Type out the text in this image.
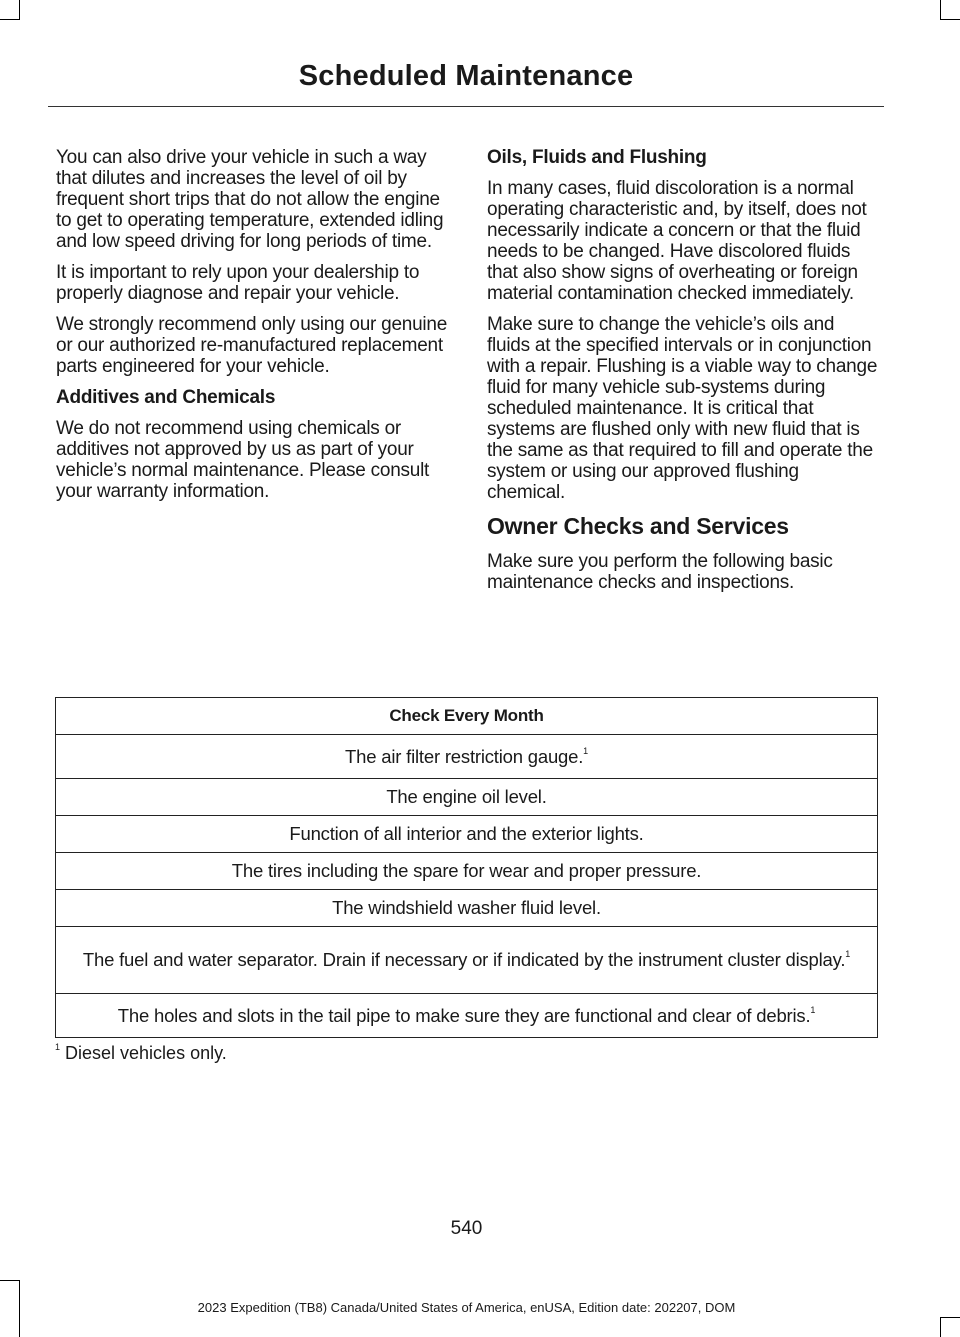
Scheduled Maintenance

You can also drive your vehicle in such a way that dilutes and increases the level of oil by frequent short trips that do not allow the engine to get to operating temperature, extended idling and low speed driving for long periods of time.

It is important to rely upon your dealership to properly diagnose and repair your vehicle.

We strongly recommend only using our genuine or our authorized re-manufactured replacement parts engineered for your vehicle.

Additives and Chemicals

We do not recommend using chemicals or additives not approved by us as part of your vehicle’s normal maintenance. Please consult your warranty information.

Oils, Fluids and Flushing

In many cases, fluid discoloration is a normal operating characteristic and, by itself, does not necessarily indicate a concern or that the fluid needs to be changed. Have discolored fluids that also show signs of overheating or foreign material contamination checked immediately.

Make sure to change the vehicle’s oils and fluids at the specified intervals or in conjunction with a repair. Flushing is a viable way to change fluid for many vehicle sub-systems during scheduled maintenance. It is critical that systems are flushed only with new fluid that is the same as that required to fill and operate the system or using our approved flushing chemical.

Owner Checks and Services

Make sure you perform the following basic maintenance checks and inspections.

Check Every Month
The air filter restriction gauge.$^1$
The engine oil level.
Function of all interior and the exterior lights.
The tires including the spare for wear and proper pressure.
The windshield washer fluid level.
The fuel and water separator. Drain if necessary or if indicated by the instrument cluster display.$^1$
The holes and slots in the tail pipe to make sure they are functional and clear of debris.$^1$

$^1$ Diesel vehicles only.

540

2023 Expedition (TB8) Canada/United States of America, enUSA, Edition date: 202207, DOM
